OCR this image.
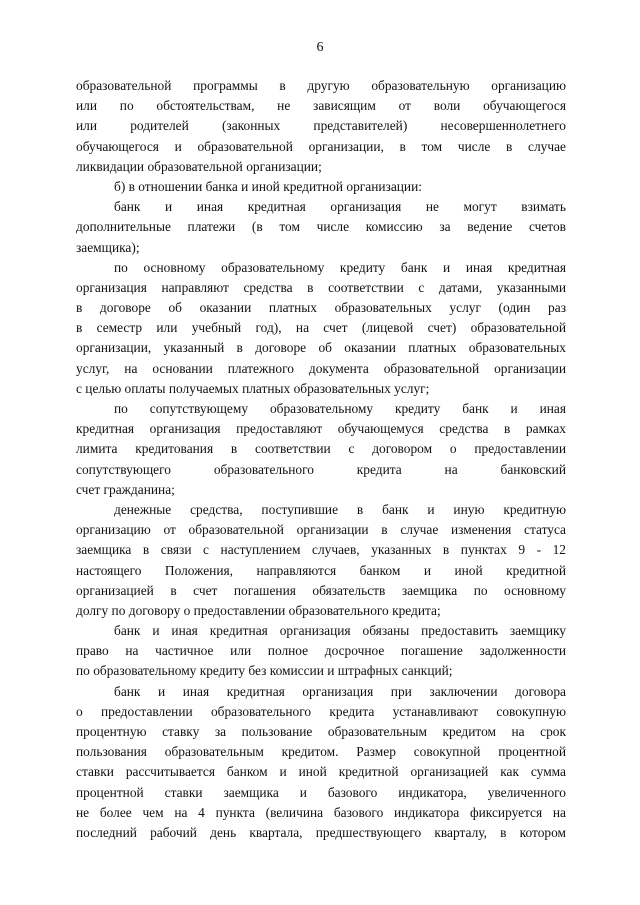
6
образовательной программы в другую образовательную организацию
или по обстоятельствам, не зависящим от воли обучающегося
или родителей (законных представителей) несовершеннолетнего
обучающегося и образовательной организации, в том числе в случае
ликвидации образовательной организации;
б) в отношении банка и иной кредитной организации:
банк и иная кредитная организация не могут взимать
дополнительные платежи (в том числе комиссию за ведение счетов
заемщика);
по основному образовательному кредиту банк и иная кредитная
организация направляют средства в соответствии с датами, указанными
в договоре об оказании платных образовательных услуг (один раз
в семестр или учебный год), на счет (лицевой счет) образовательной
организации, указанный в договоре об оказании платных образовательных
услуг, на основании платежного документа образовательной организации
с целью оплаты получаемых платных образовательных услуг;
по сопутствующему образовательному кредиту банк и иная
кредитная организация предоставляют обучающемуся средства в рамках
лимита кредитования в соответствии с договором о предоставлении
сопутствующего образовательного кредита на банковский
счет гражданина;
денежные средства, поступившие в банк и иную кредитную
организацию от образовательной организации в случае изменения статуса
заемщика в связи с наступлением случаев, указанных в пунктах 9 - 12
настоящего Положения, направляются банком и иной кредитной
организацией в счет погашения обязательств заемщика по основному
долгу по договору о предоставлении образовательного кредита;
банк и иная кредитная организация обязаны предоставить заемщику
право на частичное или полное досрочное погашение задолженности
по образовательному кредиту без комиссии и штрафных санкций;
банк и иная кредитная организация при заключении договора
о предоставлении образовательного кредита устанавливают совокупную
процентную ставку за пользование образовательным кредитом на срок
пользования образовательным кредитом. Размер совокупной процентной
ставки рассчитывается банком и иной кредитной организацией как сумма
процентной ставки заемщика и базового индикатора, увеличенного
не более чем на 4 пункта (величина базового индикатора фиксируется на
последний рабочий день квартала, предшествующего кварталу, в котором
